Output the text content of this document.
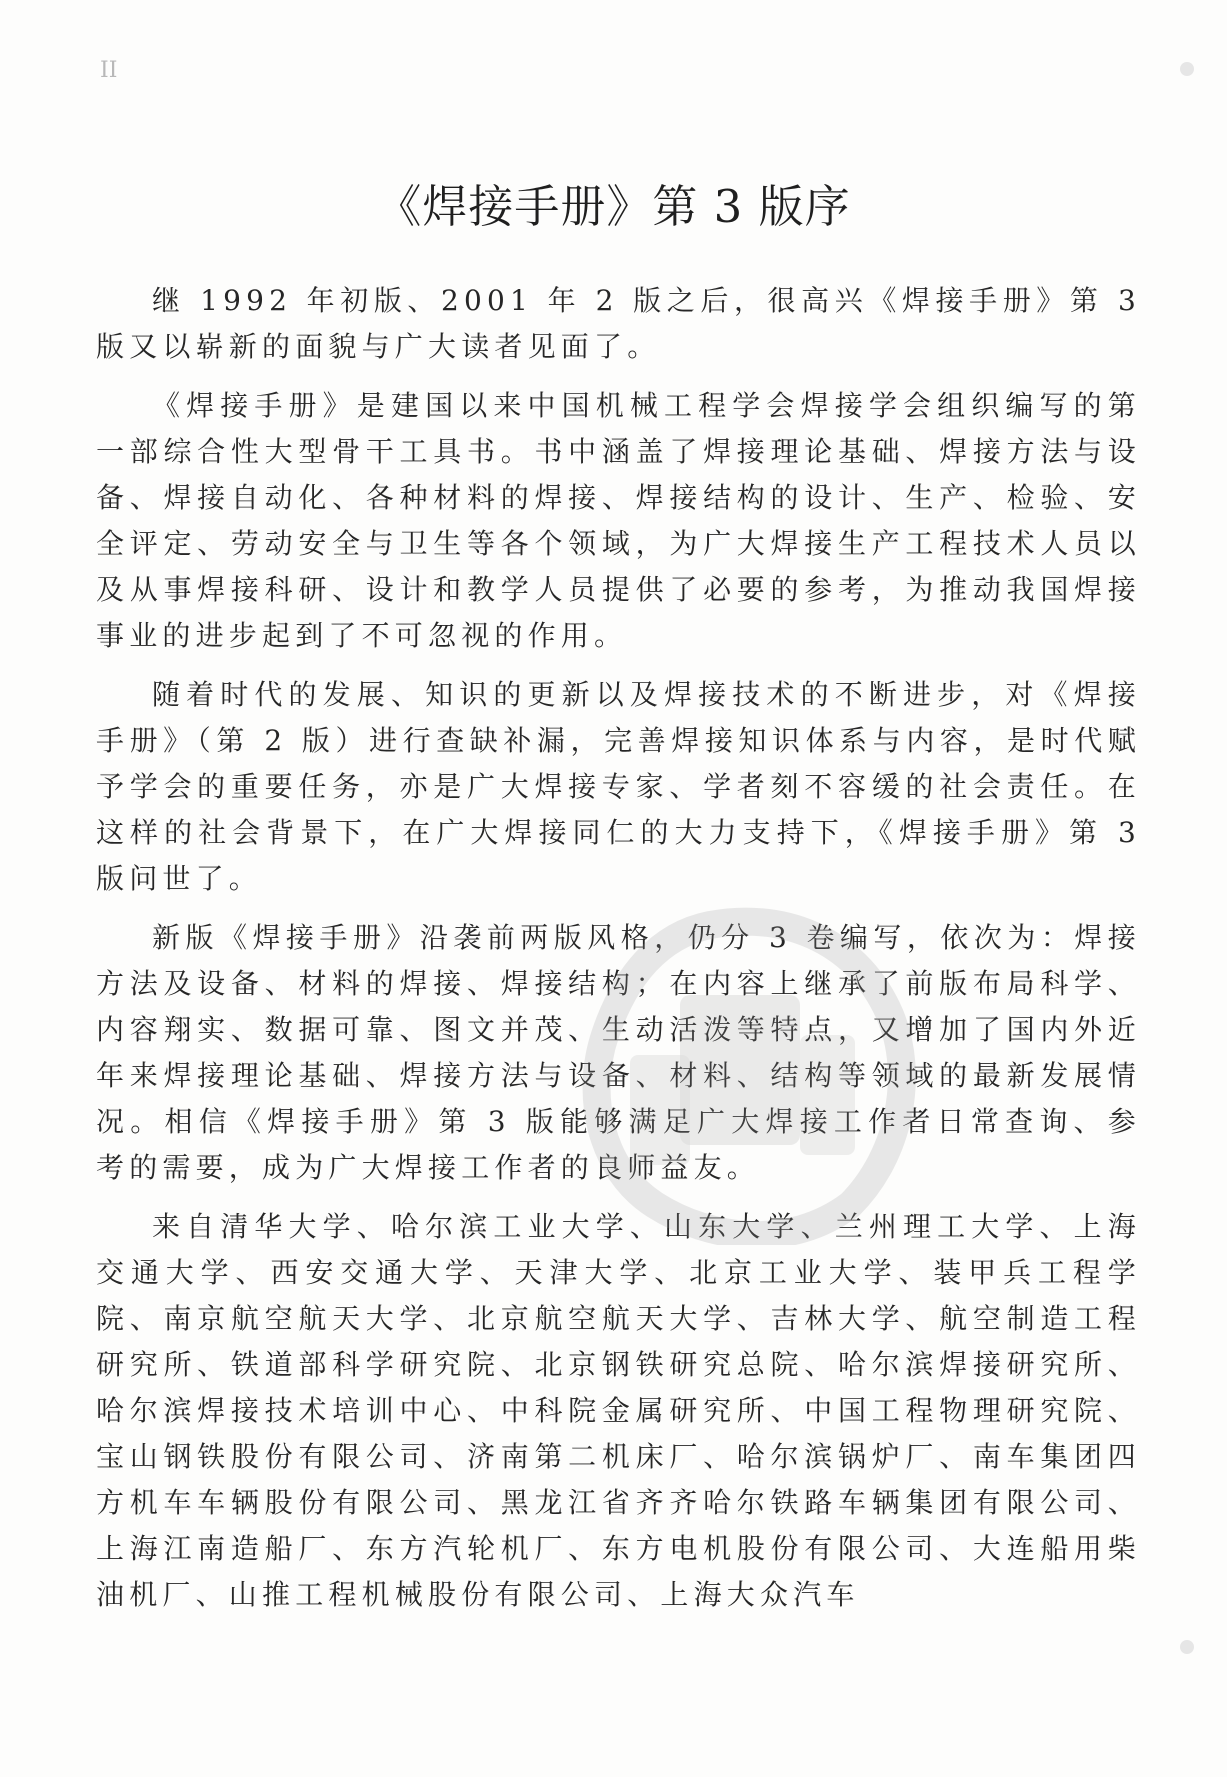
II
《焊接手册》第 3 版序

继 1992 年初版、2001 年 2 版之后，很高兴《焊接手册》第 3 版又以崭新的面貌与广大读者见面了。

《焊接手册》是建国以来中国机械工程学会焊接学会组织编写的第一部综合性大型骨干工具书。书中涵盖了焊接理论基础、焊接方法与设备、焊接自动化、各种材料的焊接、焊接结构的设计、生产、检验、安全评定、劳动安全与卫生等各个领域，为广大焊接生产工程技术人员以及从事焊接科研、设计和教学人员提供了必要的参考，为推动我国焊接事业的进步起到了不可忽视的作用。

随着时代的发展、知识的更新以及焊接技术的不断进步，对《焊接手册》（第 2 版）进行查缺补漏，完善焊接知识体系与内容，是时代赋予学会的重要任务，亦是广大焊接专家、学者刻不容缓的社会责任。在这样的社会背景下，在广大焊接同仁的大力支持下，《焊接手册》第 3 版问世了。

新版《焊接手册》沿袭前两版风格，仍分 3 卷编写，依次为：焊接方法及设备、材料的焊接、焊接结构；在内容上继承了前版布局科学、内容翔实、数据可靠、图文并茂、生动活泼等特点，又增加了国内外近年来焊接理论基础、焊接方法与设备、材料、结构等领域的最新发展情况。相信《焊接手册》第 3 版能够满足广大焊接工作者日常查询、参考的需要，成为广大焊接工作者的良师益友。

来自清华大学、哈尔滨工业大学、山东大学、兰州理工大学、上海交通大学、西安交通大学、天津大学、北京工业大学、装甲兵工程学院、南京航空航天大学、北京航空航天大学、吉林大学、航空制造工程研究所、铁道部科学研究院、北京钢铁研究总院、哈尔滨焊接研究所、哈尔滨焊接技术培训中心、中科院金属研究所、中国工程物理研究院、宝山钢铁股份有限公司、济南第二机床厂、哈尔滨锅炉厂、南车集团四方机车车辆股份有限公司、黑龙江省齐齐哈尔铁路车辆集团有限公司、上海江南造船厂、东方汽轮机厂、东方电机股份有限公司、大连船用柴油机厂、山推工程机械股份有限公司、上海大众汽车
